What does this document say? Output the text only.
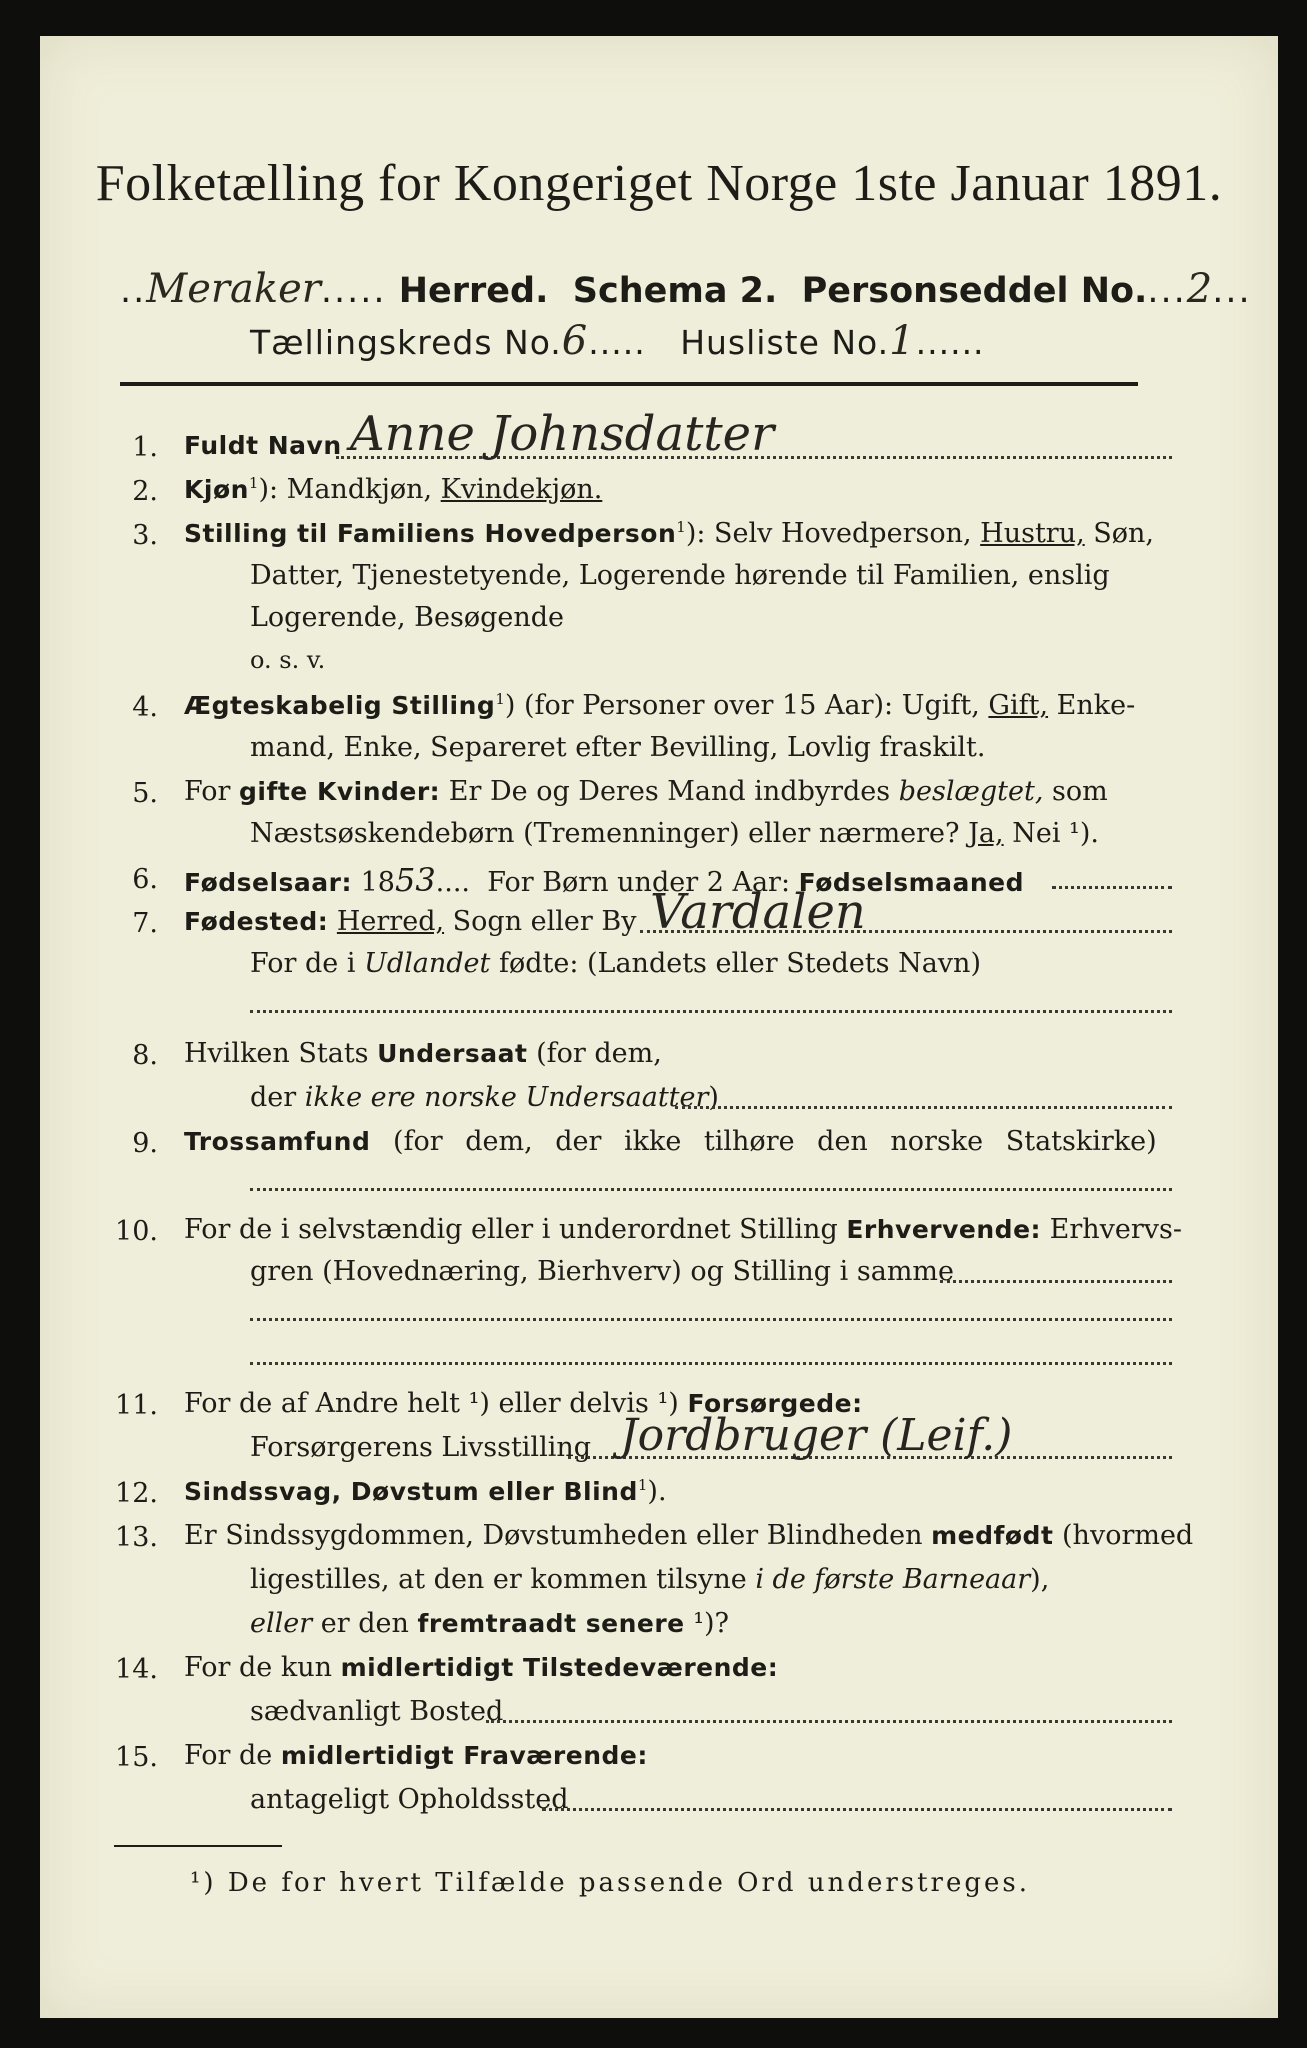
Folketælling for Kongeriget Norge 1ste Januar 1891.
..Meraker..... Herred. Schema 2. Personseddel No....2...
Tællingskreds No.6..... Husliste No.1......
1. Fuldt Navn Anne Johnsdatter
2. Kjøn$^1$): Mandkjøn, Kvindekjøn.
3. Stilling til Familiens Hovedperson$^1$): Selv Hovedperson, Hustru, Søn,
Datter, Tjenestetyende, Logerende hørende til Familien, enslig
Logerende, Besøgende
o. s. v.
4. Ægteskabelig Stilling$^1$) (for Personer over 15 Aar): Ugift, Gift, Enke-
mand, Enke, Separeret efter Bevilling, Lovlig fraskilt.
5. For gifte Kvinder: Er De og Deres Mand indbyrdes beslægtet, som
Næstsøskendebørn (Tremenninger) eller nærmere? Ja, Nei ¹).
6. Fødselsaar: 1853.... For Børn under 2 Aar: Fødselsmaaned
7. Fødested: Herred, Sogn eller By Vardalen
For de i Udlandet fødte: (Landets eller Stedets Navn)
8. Hvilken Stats Undersaat (for dem,
der ikke ere norske Undersaatter)
9. Trossamfund (for dem, der ikke tilhøre den norske Statskirke)
10. For de i selvstændig eller i underordnet Stilling Erhvervende: Erhvervs-
gren (Hovednæring, Bierhverv) og Stilling i samme
11. For de af Andre helt ¹) eller delvis ¹) Forsørgede:
Forsørgerens Livsstilling Jordbruger (Leif.)
12. Sindssvag, Døvstum eller Blind$^1$).
13. Er Sindssygdommen, Døvstumheden eller Blindheden medfødt (hvormed
ligestilles, at den er kommen tilsyne i de første Barneaar),
eller er den fremtraadt senere ¹)?
14. For de kun midlertidigt Tilstedeværende:
sædvanligt Bosted
15. For de midlertidigt Fraværende:
antageligt Opholdssted
¹) De for hvert Tilfælde passende Ord understreges.
